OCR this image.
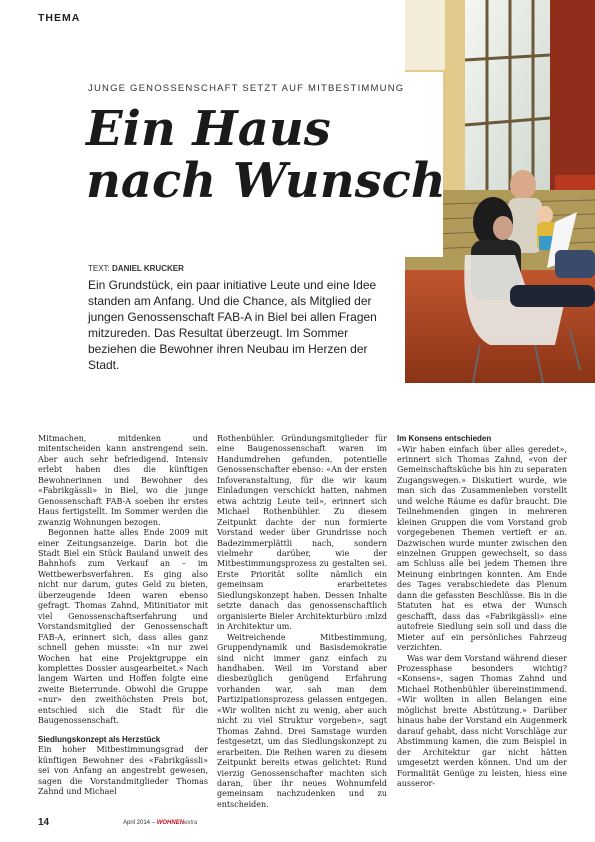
THEMA
JUNGE GENOSSENSCHAFT SETZT AUF MITBESTIMMUNG
Ein Haus
nach Wunsch
TEXT: DANIEL KRUCKER
Ein Grundstück, ein paar initiative Leute und eine Idee standen am Anfang. Und die Chance, als Mitglied der jungen Genossenschaft FAB-A in Biel bei allen Fragen mitzureden. Das Resultat überzeugt. Im Sommer beziehen die Bewohner ihren Neubau im Herzen der Stadt.

Mitmachen, mitdenken und mitentscheiden kann anstrengend sein. Aber auch sehr befriedigend. Intensiv erlebt haben dies die künftigen Bewohnerinnen und Bewohner des «Fabrikgässli» in Biel, wo die junge Genossenschaft FAB-A soeben ihr erstes Haus fertigstellt. Im Sommer werden die zwanzig Wohnungen bezogen.

Begonnen hatte alles Ende 2009 mit einer Zeitungsanzeige. Darin bot die Stadt Biel ein Stück Bauland unweit des Bahnhofs zum Verkauf an – im Wettbewerbsverfahren. Es ging also nicht nur darum, gutes Geld zu bieten, überzeugende Ideen waren ebenso gefragt. Thomas Zahnd, Mitinitiator mit viel Genossenschaftserfahrung und Vorstandsmitglied der Genossenschaft FAB-A, erinnert sich, dass alles ganz schnell gehen musste: «In nur zwei Wochen hat eine Projektgruppe ein komplettes Dossier ausgearbeitet.» Nach langem Warten und Hoffen folgte eine zweite Bieterrunde. Obwohl die Gruppe «nur» den zweithöchsten Preis bot, entschied sich die Stadt für die Baugenossenschaft.

Siedlungskonzept als Herzstück

Ein hoher Mitbestimmungsgrad der künftigen Bewohner des «Fabrikgässli» sei von Anfang an angestrebt gewesen, sagen die Vorstandmitglieder Thomas Zahnd und Michael

Rothenbühler. Gründungsmitglieder für eine Baugenossenschaft waren im Handumdrehen gefunden, potentielle Genossenschafter ebenso: «An der ersten Infoveranstaltung, für die wir kaum Einladungen verschickt hatten, nahmen etwa achtzig Leute teil», erinnert sich Michael Rothenbühler. Zu diesem Zeitpunkt dachte der nun formierte Vorstand weder über Grundrisse noch Badezimmerplättli nach, sondern vielmehr darüber, wie der Mitbestimmungsprozess zu gestalten sei. Erste Priorität sollte nämlich ein gemeinsam erarbeitetes Siedlungskonzept haben. Dessen Inhalte setzte danach das genossenschaftlich organisierte Bieler Architekturbüro :mlzd in Architektur um.

Weitreichende Mitbestimmung, Gruppendynamik und Basisdemokratie sind nicht immer ganz einfach zu handhaben. Weil im Vorstand aber diesbezüglich genügend Erfahrung vorhanden war, sah man dem Partizipationsprozess gelassen entgegen. «Wir wollten nicht zu wenig, aber auch nicht zu viel Struktur vorgeben», sagt Thomas Zahnd. Drei Samstage wurden festgesetzt, um das Siedlungskonzept zu erarbeiten. Die Reihen waren zu diesem Zeitpunkt bereits etwas gelichtet: Rund vierzig Genossenschafter machten sich daran, über ihr neues Wohnumfeld gemeinsam nachzudenken und zu entscheiden.

Im Konsens entschieden

«Wir haben einfach über alles geredet», erinnert sich Thomas Zahnd, «von der Gemeinschaftsküche bis hin zu separaten Zugangswegen.» Diskutiert wurde, wie man sich das Zusammenleben vorstellt und welche Räume es dafür braucht. Die Teilnehmenden gingen in mehreren kleinen Gruppen die vom Vorstand grob vorgegebenen Themen vertieft er an. Dazwischen wurde munter zwischen den einzelnen Gruppen gewechselt, so dass am Schluss alle bei jedem Themen ihre Meinung einbringen konnten. Am Ende des Tages verabschiedete das Plenum dann die gefassten Beschlüsse. Bis in die Statuten hat es etwa der Wunsch geschafft, dass das «Fabrikgässli» eine autofreie Siedlung sein soll und dass die Mieter auf ein persönliches Fahrzeug verzichten.

Was war dem Vorstand während dieser Prozessphase besonders wichtig? «Konsens», sagen Thomas Zahnd und Michael Rothenbühler übereinstimmend. «Wir wollten in allen Belangen eine möglichst breite Abstützung.» Darüber hinaus habe der Vorstand ein Augenmerk darauf gehabt, dass nicht Vorschläge zur Abstimmung kamen, die zum Beispiel in der Architektur gar nicht hätten umgesetzt werden können. Und um der Formalität Genüge zu leisten, hiess eine ausseror-

14	April 2014 – WOHNENextra
